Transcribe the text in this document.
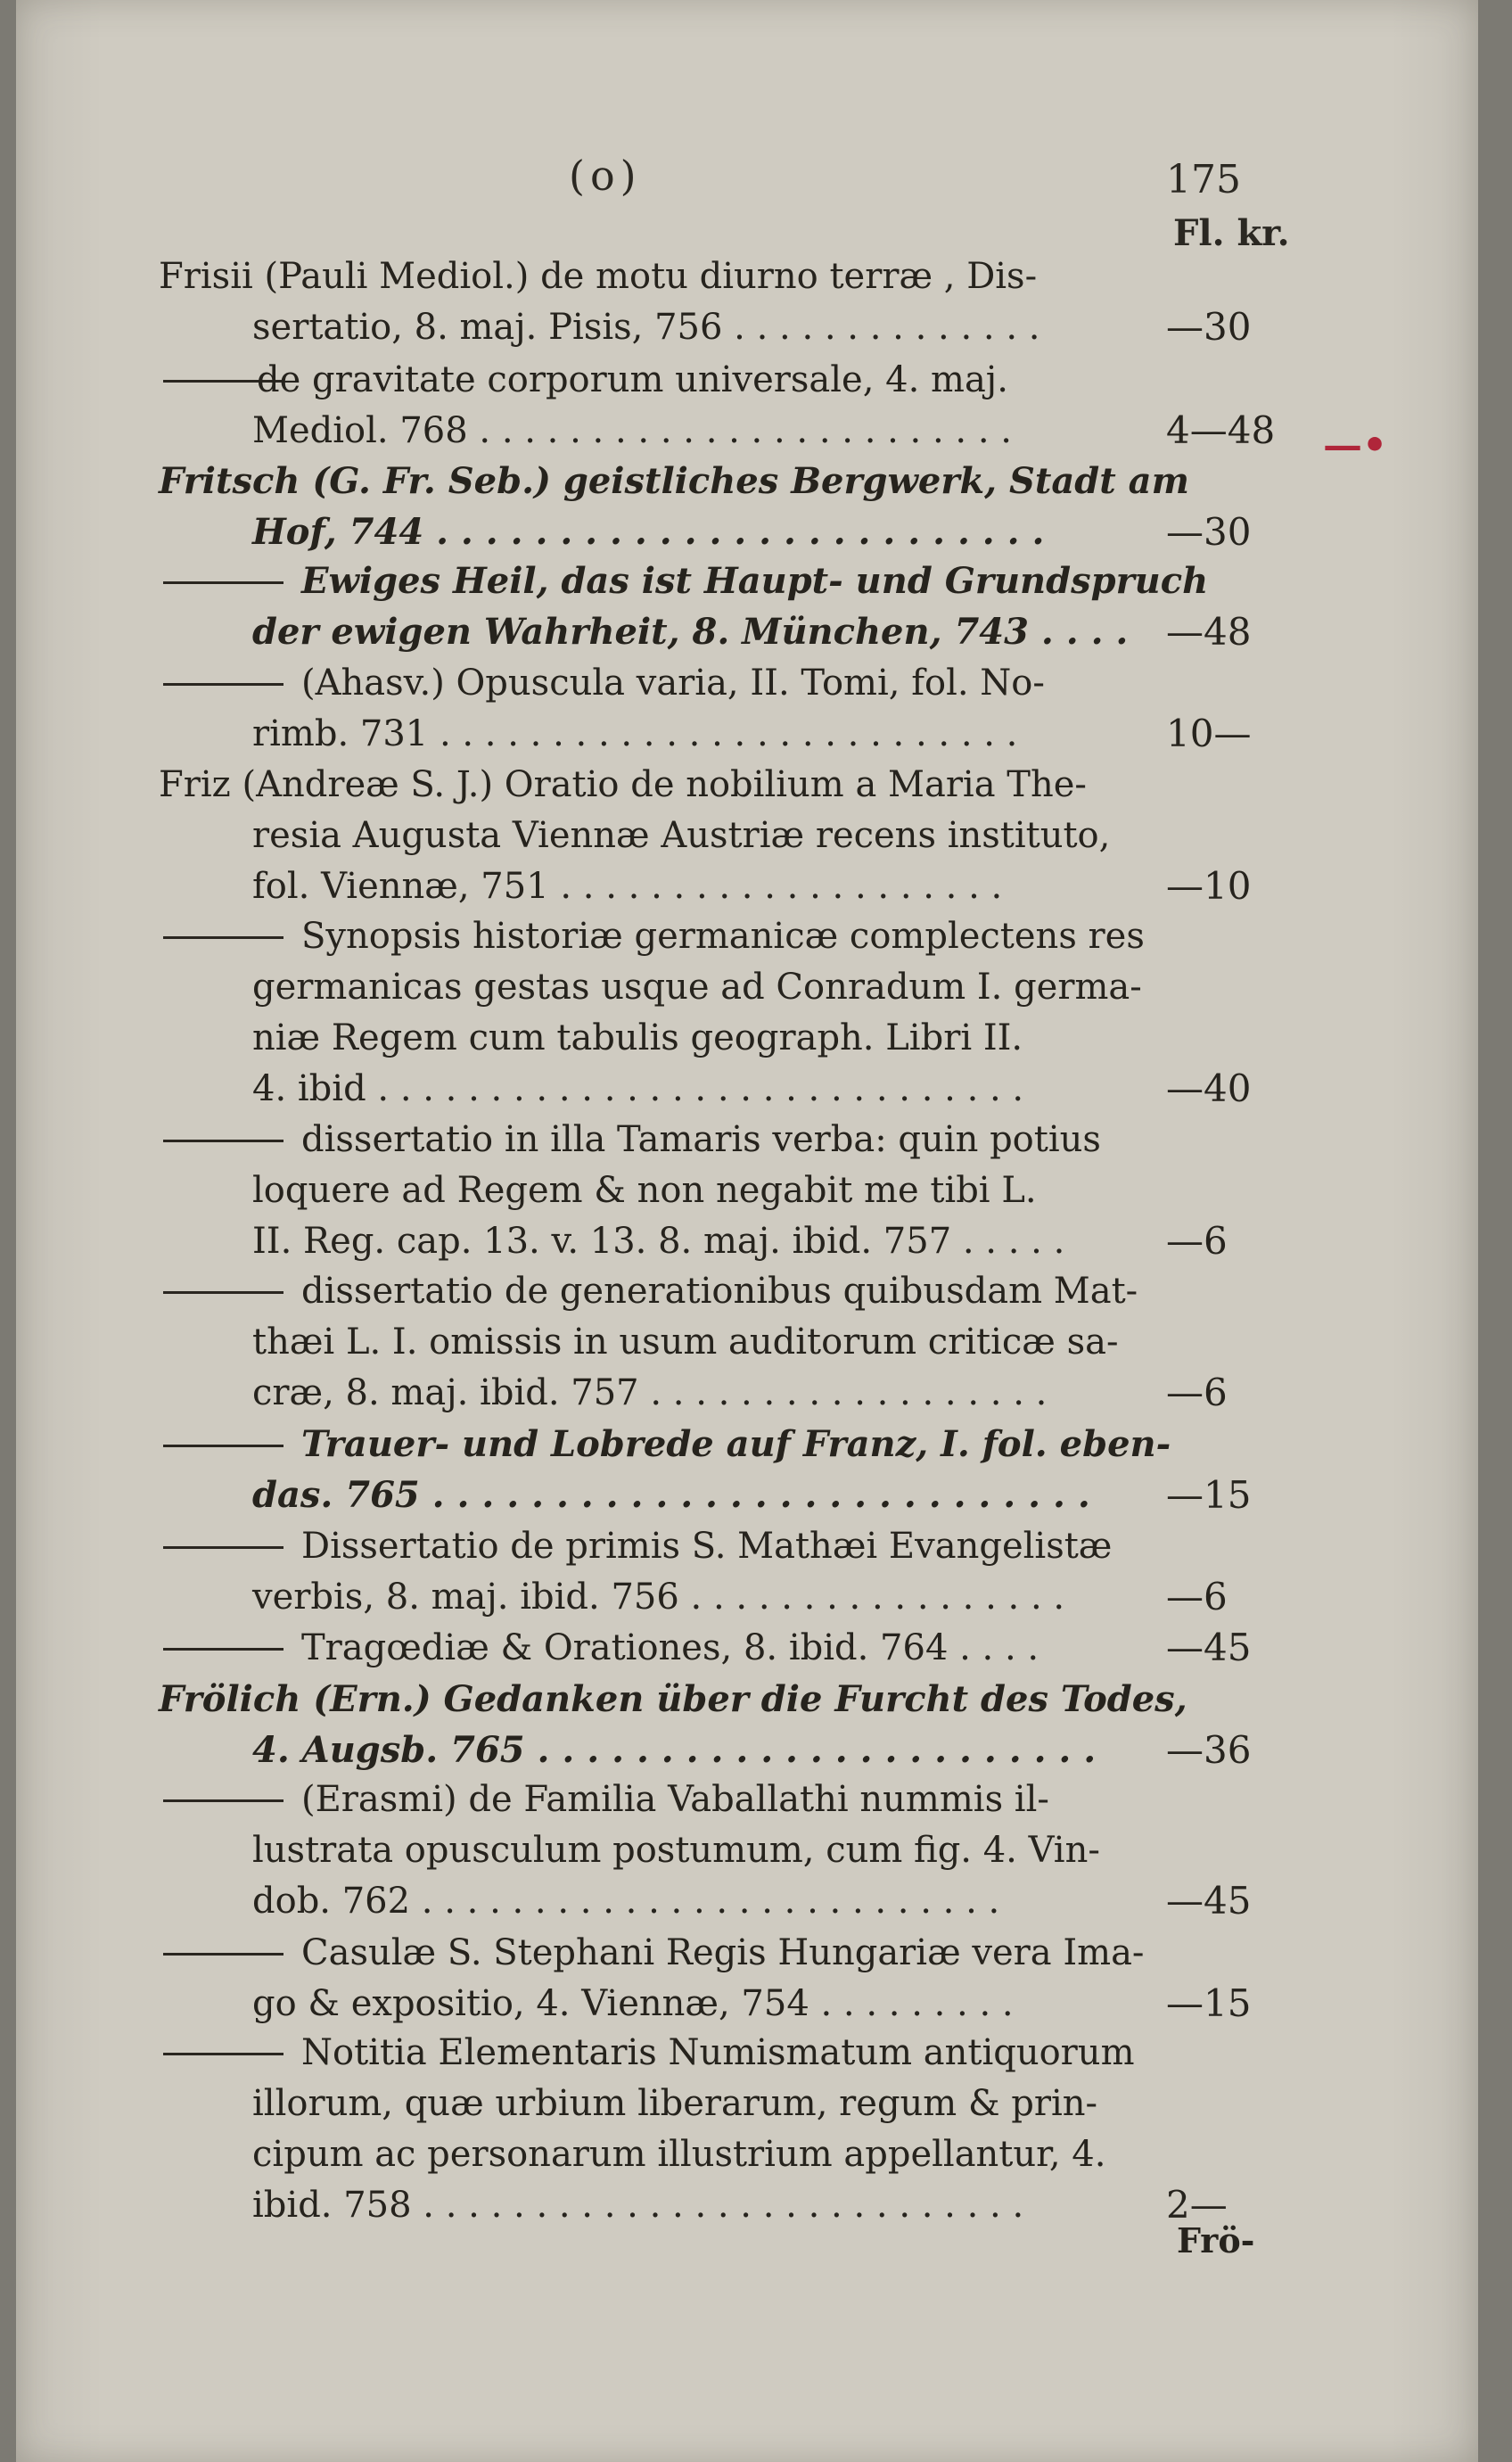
(o)	175
Fl. kr.
—•
Frisii (Pauli Mediol.) de motu diurno terræ , Dis-
sertatio, 8. maj. Pisis, 756 . . . . . . . . . . . . . .	—30
de gravitate corporum universale, 4. maj.
Mediol. 768 . . . . . . . . . . . . . . . . . . . . . . . .	4—48
Fritsch (G. Fr. Seb.) geistliches Bergwerk, Stadt am
Hof, 744 . . . . . . . . . . . . . . . . . . . . . . . . .	—30
Ewiges Heil, das ist Haupt- und Grundspruch
der ewigen Wahrheit, 8. München, 743 . . . . —48
(Ahasv.) Opuscula varia, II. Tomi, fol. No-
rimb. 731 . . . . . . . . . . . . . . . . . . . . . . . . . .	10—
Friz (Andreæ S. J.) Oratio de nobilium a Maria The-
resia Augusta Viennæ Austriæ recens instituto,
fol. Viennæ, 751 . . . . . . . . . . . . . . . . . . . .	—10
Synopsis historiæ germanicæ complectens res
germanicas gestas usque ad Conradum I. germa-
niæ Regem cum tabulis geograph. Libri II.
4. ibid . . . . . . . . . . . . . . . . . . . . . . . . . . . . .	—40
dissertatio in illa Tamaris verba: quin potius
loquere ad Regem & non negabit me tibi L.
II. Reg. cap. 13. v. 13. 8. maj. ibid. 757 . . . . .	—6
dissertatio de generationibus quibusdam Mat-
thæi L. I. omissis in usum auditorum criticæ sa-
cræ, 8. maj. ibid. 757 . . . . . . . . . . . . . . . . . .	—6
Trauer- und Lobrede auf Franz, I. fol. eben-
das. 765 . . . . . . . . . . . . . . . . . . . . . . . . . . . —15
Dissertatio de primis S. Mathæi Evangelistæ
verbis, 8. maj. ibid. 756 . . . . . . . . . . . . . . . . .	—6
Tragœdiæ & Orationes, 8. ibid. 764 . . . .	—45
Frölich (Ern.) Gedanken über die Furcht des Todes,
4. Augsb. 765 . . . . . . . . . . . . . . . . . . . . . . . —36
(Erasmi) de Familia Vaballathi nummis il-
lustrata opusculum postumum, cum fig. 4. Vin-
dob. 762 . . . . . . . . . . . . . . . . . . . . . . . . . .	—45
Casulæ S. Stephani Regis Hungariæ vera Ima-
go & expositio, 4. Viennæ, 754 . . . . . . . . .	—15
Notitia Elementaris Numismatum antiquorum
illorum, quæ urbium liberarum, regum & prin-
cipum ac personarum illustrium appellantur, 4.
ibid. 758 . . . . . . . . . . . . . . . . . . . . . . . . . . .	2—
Frö-
